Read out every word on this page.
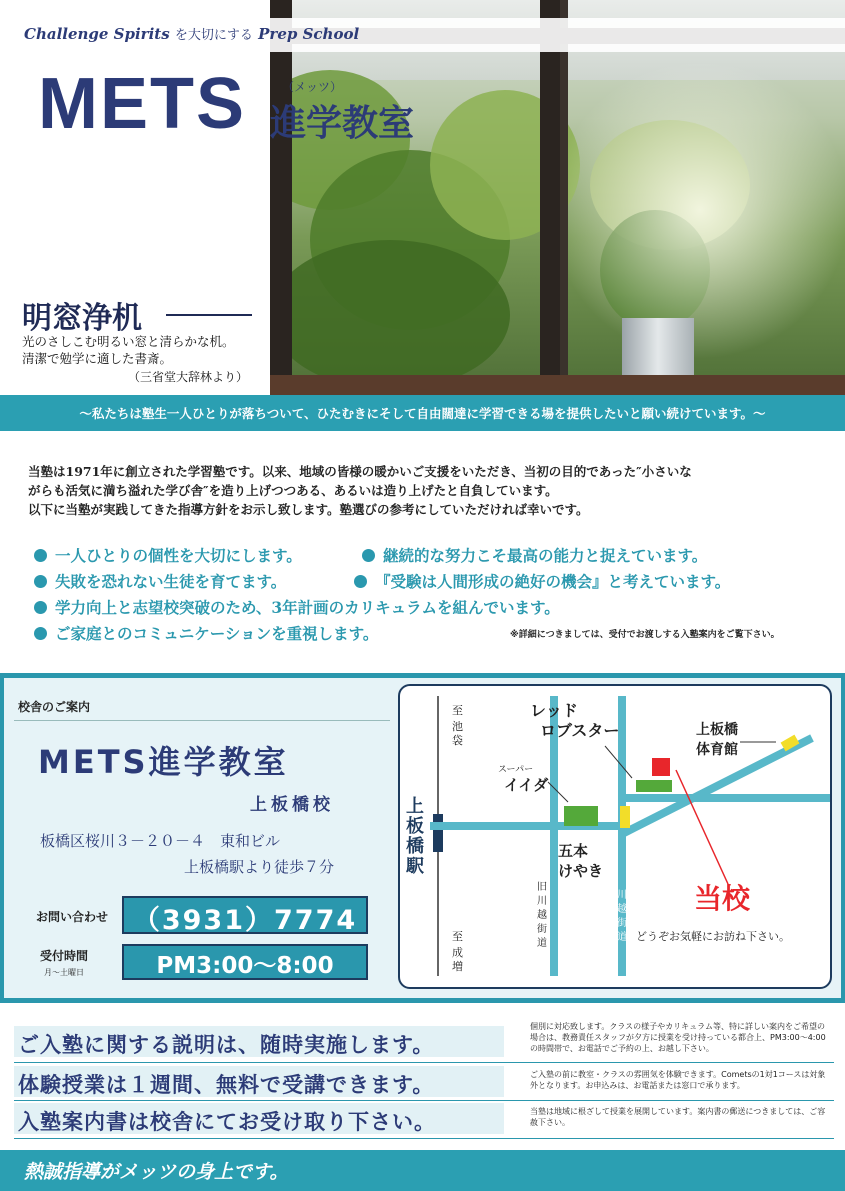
Challenge Spirits を大切にする Prep School
METS	（メッツ）
進学教室
明窓浄机
光のさしこむ明るい窓と清らかな机。
清潔で勉学に適した書斎。
（三省堂大辞林より）
〜私たちは塾生一人ひとりが落ちついて、ひたむきにそして自由闊達に学習できる場を提供したいと願い続けています。〜

当塾は1971年に創立された学習塾です。以来、地域の皆様の暖かいご支援をいただき、当初の目的であった″小さいな

がらも活気に満ち溢れた学び舎″を造り上げつつある、あるいは造り上げたと自負しています。

以下に当塾が実践してきた指導方針をお示し致します。塾選びの参考にしていただければ幸いです。

一人ひとりの個性を大切にします。	継続的な努力こそ最高の能力と捉えています。
失敗を恐れない生徒を育てます。	『受験は人間形成の絶好の機会』と考えています。
学力向上と志望校突破のため、3年計画のカリキュラムを組んでいます。
ご家庭とのコミュニケーションを重視します。	※詳細につきましては、受付でお渡しする入塾案内をご覧下さい。
校舎のご案内
METS進学教室
上板橋校
板橋区桜川３－２０－４　東和ビル
上板橋駅より徒歩７分
お問い合わせ （3931）7774
受付時間
月〜土曜日	PM3:00〜8:00
至
池
袋
至
成
増
上
板
橋
駅
レッド
ロブスター
スーパー
イイダ
上板橋
体育館
五本
けやき
旧
川
越
街
道
川
越
街
道
当校
どうぞお気軽にお訪ね下さい。
ご入塾に関する説明は、随時実施します。
個別に対応致します。クラスの様子やカリキュラム等、特に詳しい案内をご希望の場合は、教務責任スタッフが夕方に授業を受け持っている都合上、PM3:00〜4:00の時間帯で、お電話でご予約の上、お越し下さい。
体験授業は１週間、無料で受講できます。	ご入塾の前に教室・クラスの雰囲気を体験できます。Cometsの1対1コースは対象外となります。お申込みは、お電話または窓口で承ります。
入塾案内書は校舎にてお受け取り下さい。	当塾は地域に根ざして授業を展開しています。案内書の郵送につきましては、ご容赦下さい。
熱誠指導がメッツの身上です。
